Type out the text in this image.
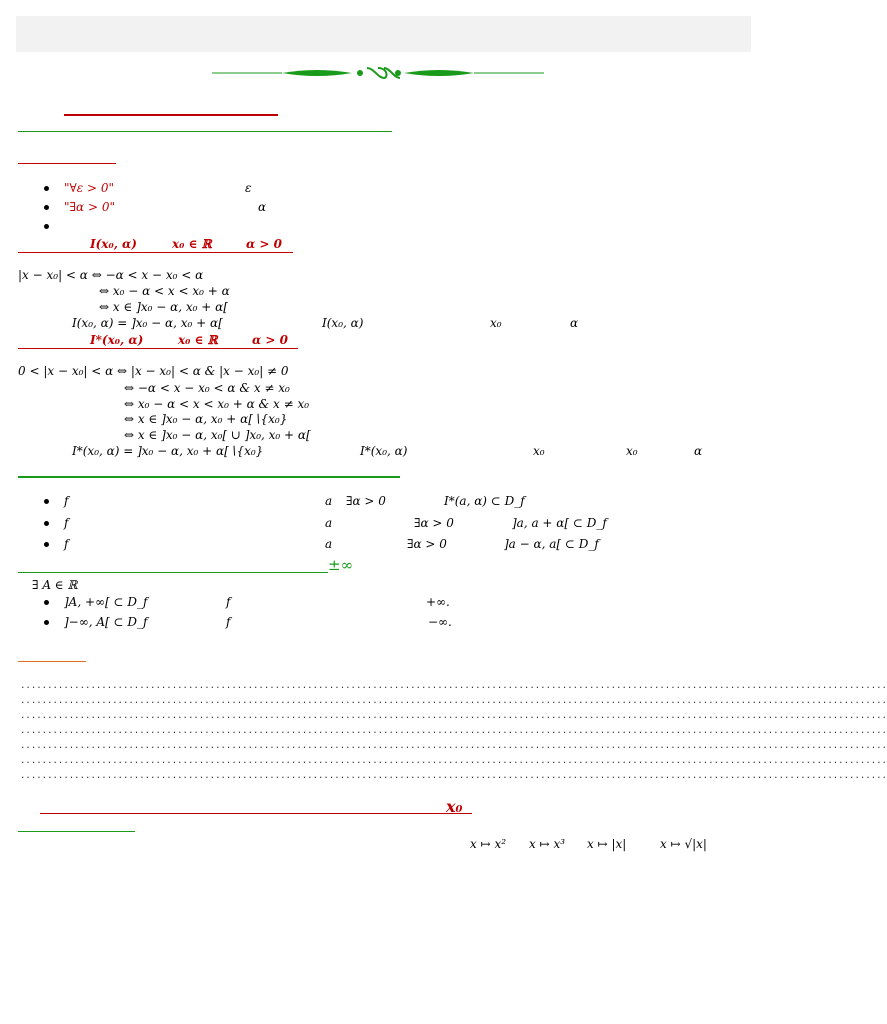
"∀ε > 0"	ε
"∃α > 0"	α
I(x₀, α)	x₀ ∈ ℝ	α > 0
|x − x₀| < α ⇔ −α < x − x₀ < α
⇔ x₀ − α < x < x₀ + α
⇔ x ∈ ]x₀ − α, x₀ + α[
I(x₀, α) = ]x₀ − α, x₀ + α[	I(x₀, α)	x₀	α
I*(x₀, α)	x₀ ∈ ℝ	α > 0
0 < |x − x₀| < α ⇔ |x − x₀| < α & |x − x₀| ≠ 0
⇔ −α < x − x₀ < α & x ≠ x₀
⇔ x₀ − α < x < x₀ + α & x ≠ x₀
⇔ x ∈ ]x₀ − α, x₀ + α[∖{x₀}
⇔ x ∈ ]x₀ − α, x₀[ ∪ ]x₀, x₀ + α[
I*(x₀, α) = ]x₀ − α, x₀ + α[∖{x₀}	I*(x₀, α)	x₀	x₀	α
f	a ∃α > 0	I*(a, α) ⊂ D_f
f	a	∃α > 0	]a, a + α[ ⊂ D_f
f	a	∃α > 0	]a − α, a[ ⊂ D_f
±∞
∃ A ∈ ℝ
]A, +∞[ ⊂ D_f	f	+∞.
]−∞, A[ ⊂ D_f	f	−∞.
................................................................................................................................................................
................................................................................................................................................................
................................................................................................................................................................
................................................................................................................................................................
................................................................................................................................................................
................................................................................................................................................................
................................................................................................................................................................
x₀
x ↦ x² x ↦ x³ x ↦ |x|	x ↦ √|x|
